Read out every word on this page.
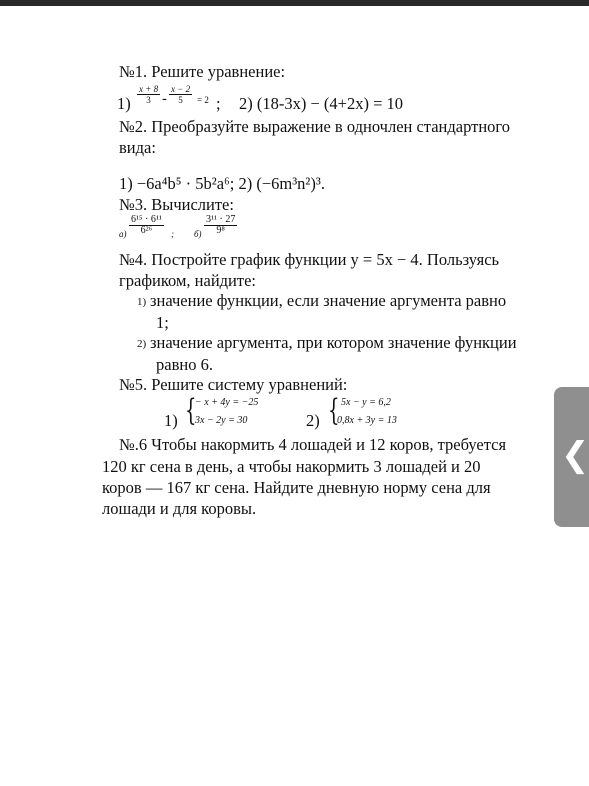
№1. Решите уравнение:
$1) \frac{x + 8}{3} - \frac{x - 2}{5} = 2$ ; 2) (18-3x) − (4+2x) = 10
№2. Преобразуйте выражение в одночлен стандартного
вида:
1) −6a⁴b⁵ · 5b²a⁶; 2) (−6m³n²)³.
№3. Вычислите:
$а) \frac{\text{6¹⁵ · 6¹¹}}{\text{6²⁶}}$ ; $б) \frac{\text{3¹¹ · 27}}{\text{9⁸}}$
№4. Постройте график функции y = 5x − 4. Пользуясь
графиком, найдите:
1) значение функции, если значение аргумента равно
1;
2) значение аргумента, при котором значение функции
равно 6.
№5. Решите систему уравнений:
1) {
− x + 4y = −25
3x − 2y = 30	2) { 5x − y = 6,2
0,8x + 3y = 13
№.6 Чтобы накормить 4 лошадей и 12 коров, требуется
120 кг сена в день, а чтобы накормить 3 лошадей и 20
коров — 167 кг сена. Найдите дневную норму сена для
лошади и для коровы.
❮
